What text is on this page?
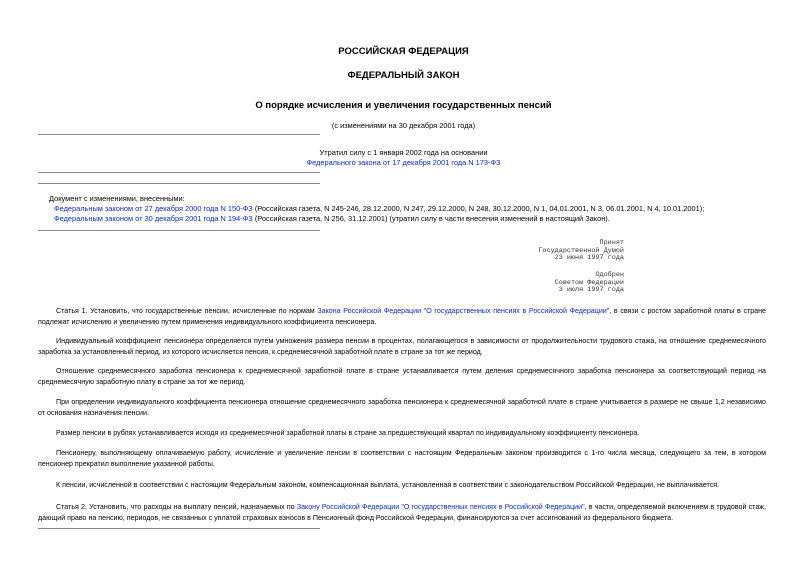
РОССИЙСКАЯ ФЕДЕРАЦИЯ
ФЕДЕРАЛЬНЫЙ ЗАКОН
О порядке исчисления и увеличения государственных пенсий
(с изменениями на 30 декабря 2001 года)
Утратил силу с 1 января 2002 года на основании
Федерального закона от 17 декабря 2001 года N 173-ФЗ
Документ с изменениями, внесенными:
Федеральным законом от 27 декабря 2000 года N 150-ФЗ (Российская газета, N 245-246, 28.12.2000, N 247, 29.12.2000, N 248, 30.12.2000, N 1, 04.01.2001, N 3, 06.01.2001, N 4, 10.01.2001);
Федеральным законом от 30 декабря 2001 года N 194-ФЗ (Российская газета, N 256, 31.12.2001) (утратил силу в части внесения изменений в настоящий Закон).
Принят
Государственной Думой
23 июня 1997 года
Одобрен
Советом Федерации
3 июля 1997 года
Статья 1. Установить, что государственные пенсии, исчисленные по нормам Закона Российской Федерации "О государственных пенсиях в Российской Федерации", в связи с ростом заработной платы в стране подлежат исчислению и увеличению путем применения индивидуального коэффициента пенсионера.
Индивидуальный коэффициент пенсионера определяется путем умножения размера пенсии в процентах, полагающегося в зависимости от продолжительности трудового стажа, на отношение среднемесячного заработка за установленный период, из которого исчисляется пенсия, к среднемесячной заработной плате в стране за тот же период.
Отношение среднемесячного заработка пенсионера к среднемесячной заработной плате в стране устанавливается путем деления среднемесячного заработка пенсионера за соответствующий период на среднемесячную заработную плату в стране за тот же период.
При определении индивидуального коэффициента пенсионера отношение среднемесячного заработка пенсионера к среднемесячной заработной плате в стране учитывается в размере не свыше 1,2 независимо от основания назначения пенсии.
Размер пенсии в рублях устанавливается исходя из среднемесячной заработной платы в стране за предшествующий квартал по индивидуальному коэффициенту пенсионера.
Пенсионеру, выполняющему оплачиваемую работу, исчисление и увеличение пенсии в соответствии с настоящим Федеральным законом производится с 1-го числа месяца, следующего за тем, в котором пенсионер прекратил выполнение указанной работы.
К пенсии, исчисленной в соответствии с настоящим Федеральным законом, компенсационная выплата, установленная в соответствии с законодательством Российской Федерации, не выплачивается.
Статья 2. Установить, что расходы на выплату пенсий, назначаемых по Закону Российской Федерации "О государственных пенсиях в Российской Федерации", в части, определяемой включением в трудовой стаж, дающий право на пенсию, периодов, не связанных с уплатой страховых взносов в Пенсионный фонд Российской Федерации, финансируются за счет ассигнований из федерального бюджета.
